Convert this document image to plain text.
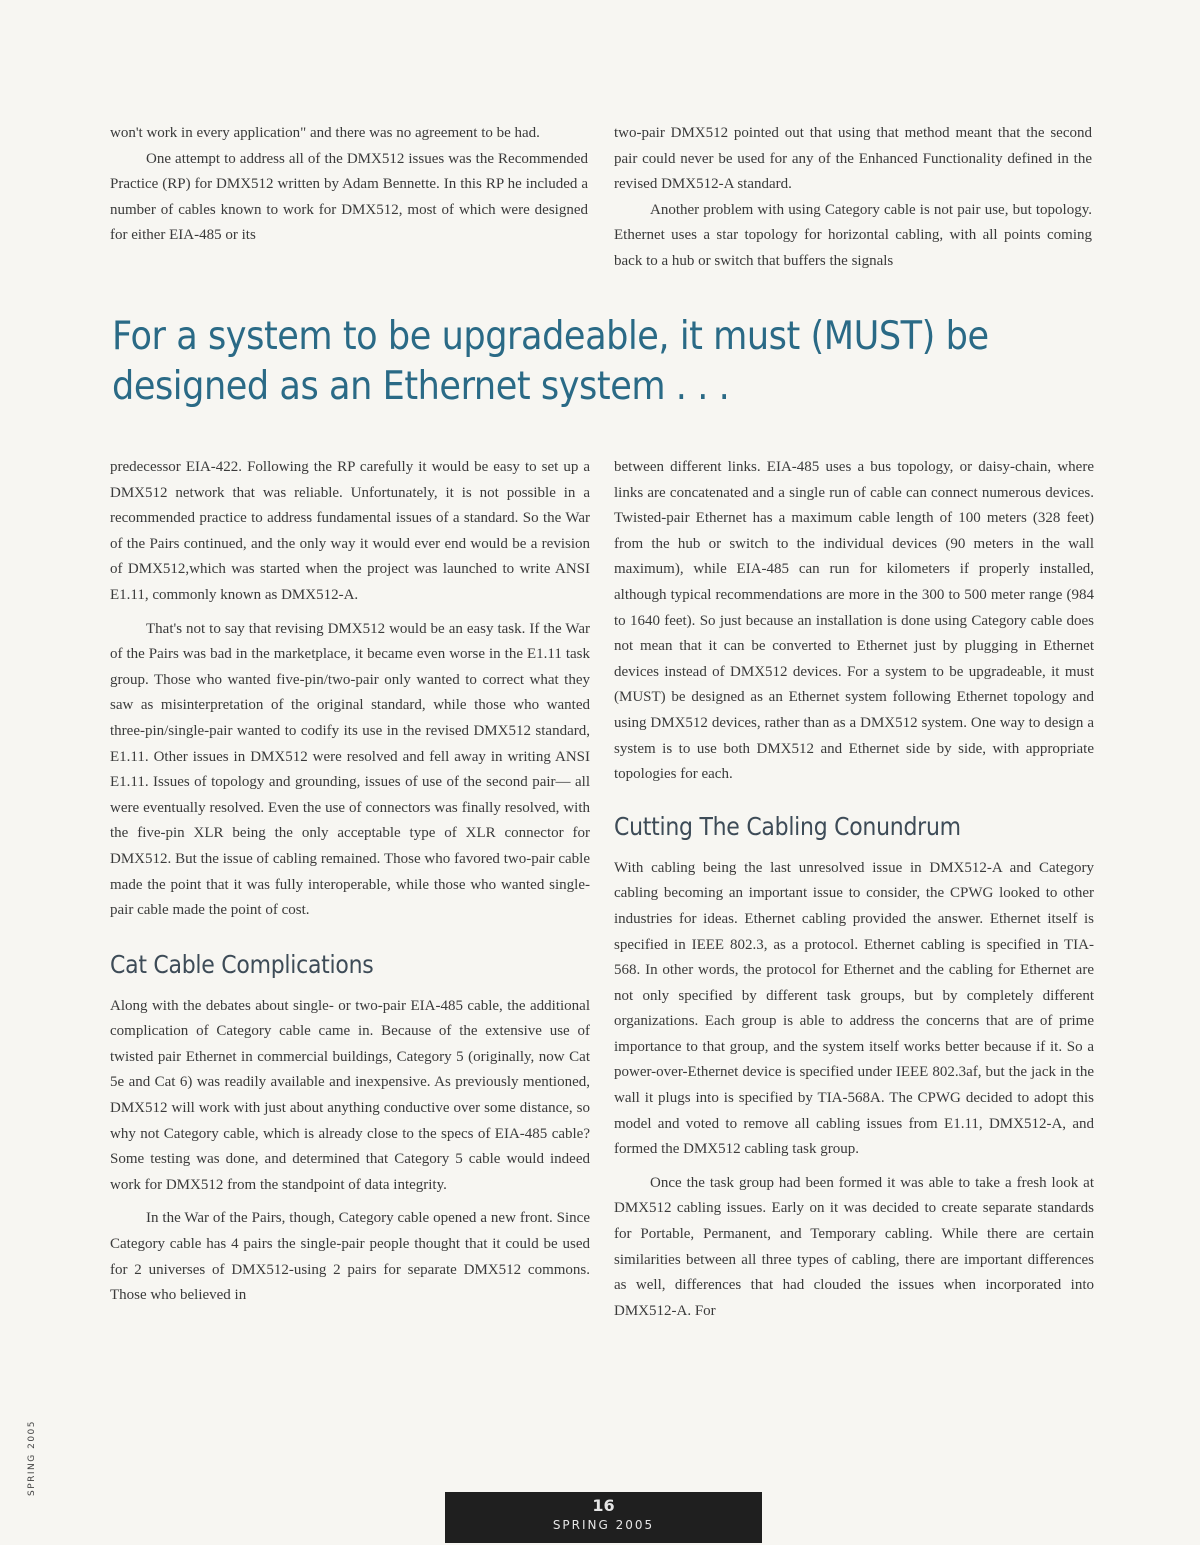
won't work in every application" and there was no agreement to be had.

One attempt to address all of the DMX512 issues was the Recommended Practice (RP) for DMX512 written by Adam Bennette. In this RP he included a number of cables known to work for DMX512, most of which were designed for either EIA-485 or its

two-pair DMX512 pointed out that using that method meant that the second pair could never be used for any of the Enhanced Functionality defined in the revised DMX512-A standard.

Another problem with using Category cable is not pair use, but topology. Ethernet uses a star topology for horizontal cabling, with all points coming back to a hub or switch that buffers the signals

For a system to be upgradeable, it must (MUST) be
designed as an Ethernet system . . .

predecessor EIA-422. Following the RP carefully it would be easy to set up a DMX512 network that was reliable. Unfortunately, it is not possible in a recommended practice to address fundamental issues of a standard. So the War of the Pairs continued, and the only way it would ever end would be a revision of DMX512,which was started when the project was launched to write ANSI E1.11, commonly known as DMX512-A.

That's not to say that revising DMX512 would be an easy task. If the War of the Pairs was bad in the marketplace, it became even worse in the E1.11 task group. Those who wanted five-pin/two-pair only wanted to correct what they saw as misinterpretation of the original standard, while those who wanted three-pin/single-pair wanted to codify its use in the revised DMX512 standard, E1.11. Other issues in DMX512 were resolved and fell away in writing ANSI E1.11. Issues of topology and grounding, issues of use of the second pair— all were eventually resolved. Even the use of connectors was finally resolved, with the five-pin XLR being the only acceptable type of XLR connector for DMX512. But the issue of cabling remained. Those who favored two-pair cable made the point that it was fully interoperable, while those who wanted single-pair cable made the point of cost.

Cat Cable Complications

Along with the debates about single- or two-pair EIA-485 cable, the additional complication of Category cable came in. Because of the extensive use of twisted pair Ethernet in commercial buildings, Category 5 (originally, now Cat 5e and Cat 6) was readily available and inexpensive. As previously mentioned, DMX512 will work with just about anything conductive over some distance, so why not Category cable, which is already close to the specs of EIA-485 cable? Some testing was done, and determined that Category 5 cable would indeed work for DMX512 from the standpoint of data integrity.

In the War of the Pairs, though, Category cable opened a new front. Since Category cable has 4 pairs the single-pair people thought that it could be used for 2 universes of DMX512-using 2 pairs for separate DMX512 commons. Those who believed in

between different links. EIA-485 uses a bus topology, or daisy-chain, where links are concatenated and a single run of cable can connect numerous devices. Twisted-pair Ethernet has a maximum cable length of 100 meters (328 feet) from the hub or switch to the individual devices (90 meters in the wall maximum), while EIA-485 can run for kilometers if properly installed, although typical recommendations are more in the 300 to 500 meter range (984 to 1640 feet). So just because an installation is done using Category cable does not mean that it can be converted to Ethernet just by plugging in Ethernet devices instead of DMX512 devices. For a system to be upgradeable, it must (MUST) be designed as an Ethernet system following Ethernet topology and using DMX512 devices, rather than as a DMX512 system. One way to design a system is to use both DMX512 and Ethernet side by side, with appropriate topologies for each.

Cutting The Cabling Conundrum

With cabling being the last unresolved issue in DMX512-A and Category cabling becoming an important issue to consider, the CPWG looked to other industries for ideas. Ethernet cabling provided the answer. Ethernet itself is specified in IEEE 802.3, as a protocol. Ethernet cabling is specified in TIA-568. In other words, the protocol for Ethernet and the cabling for Ethernet are not only specified by different task groups, but by completely different organizations. Each group is able to address the concerns that are of prime importance to that group, and the system itself works better because if it. So a power-over-Ethernet device is specified under IEEE 802.3af, but the jack in the wall it plugs into is specified by TIA-568A. The CPWG decided to adopt this model and voted to remove all cabling issues from E1.11, DMX512-A, and formed the DMX512 cabling task group.

Once the task group had been formed it was able to take a fresh look at DMX512 cabling issues. Early on it was decided to create separate standards for Portable, Permanent, and Temporary cabling. While there are certain similarities between all three types of cabling, there are important differences as well, differences that had clouded the issues when incorporated into DMX512-A. For

SPRING 2005
16
SPRING 2005
